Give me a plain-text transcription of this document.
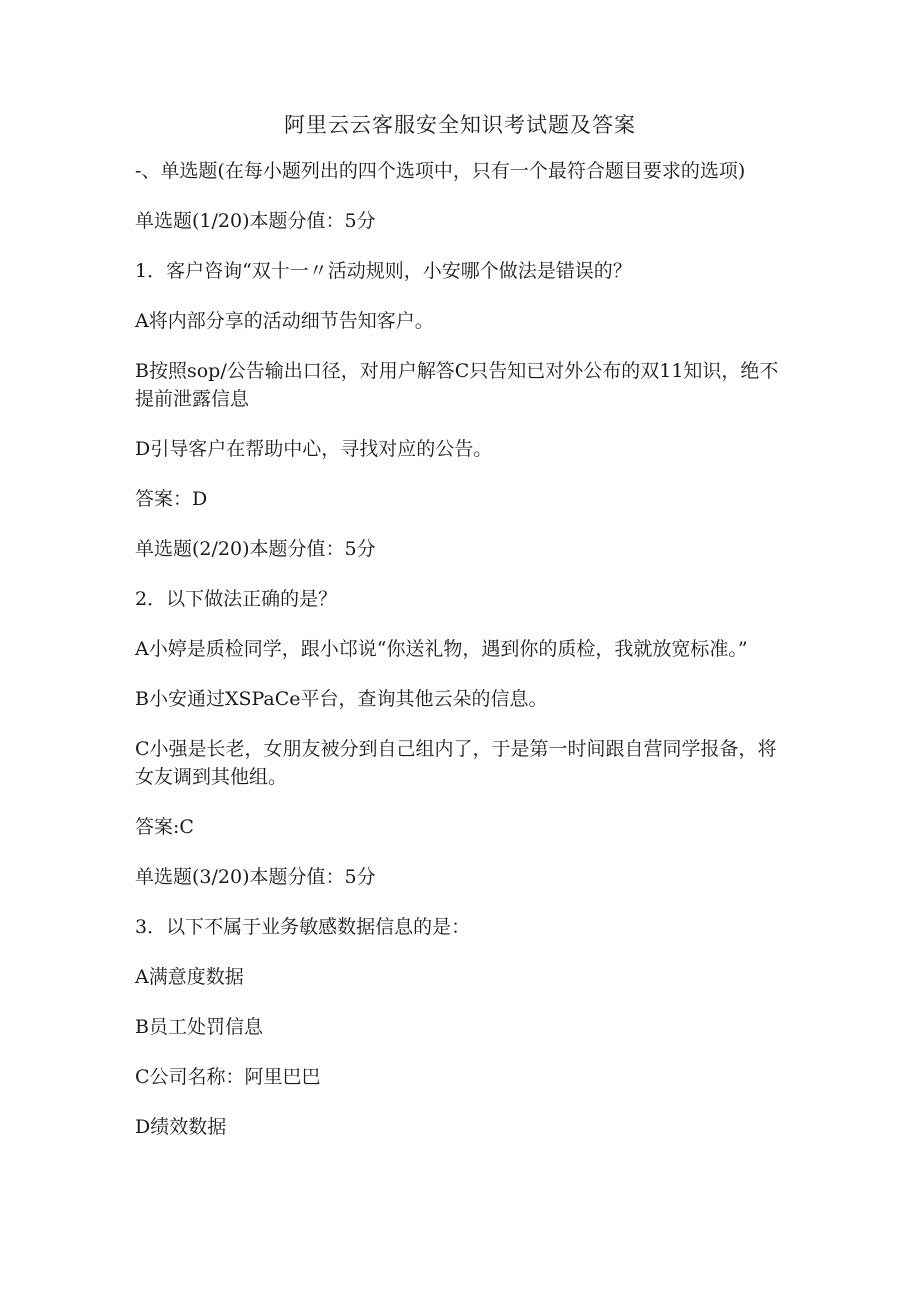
阿里云云客服安全知识考试题及答案

-、单选题(在每小题列出的四个选项中，只有一个最符合题目要求的选项)

单选题(1/20)本题分值：5分

1．客户咨询“双十一〃活动规则，小安哪个做法是错误的？

A将内部分享的活动细节告知客户。

B按照sop/公告输出口径，对用户解答C只告知已对外公布的双11知识，绝不提前泄露信息

D引导客户在帮助中心，寻找对应的公告。

答案：D

单选题(2/20)本题分值：5分

2．以下做法正确的是？

A小婷是质检同学，跟小邙说“你送礼物，遇到你的质检，我就放宽标准。”

B小安通过XSPaCe平台，查询其他云朵的信息。

C小强是长老，女朋友被分到自己组内了，于是第一时间跟自营同学报备，将女友调到其他组。

答案:C

单选题(3/20)本题分值：5分

3．以下不属于业务敏感数据信息的是：

A满意度数据

B员工处罚信息

C公司名称：阿里巴巴

D绩效数据
